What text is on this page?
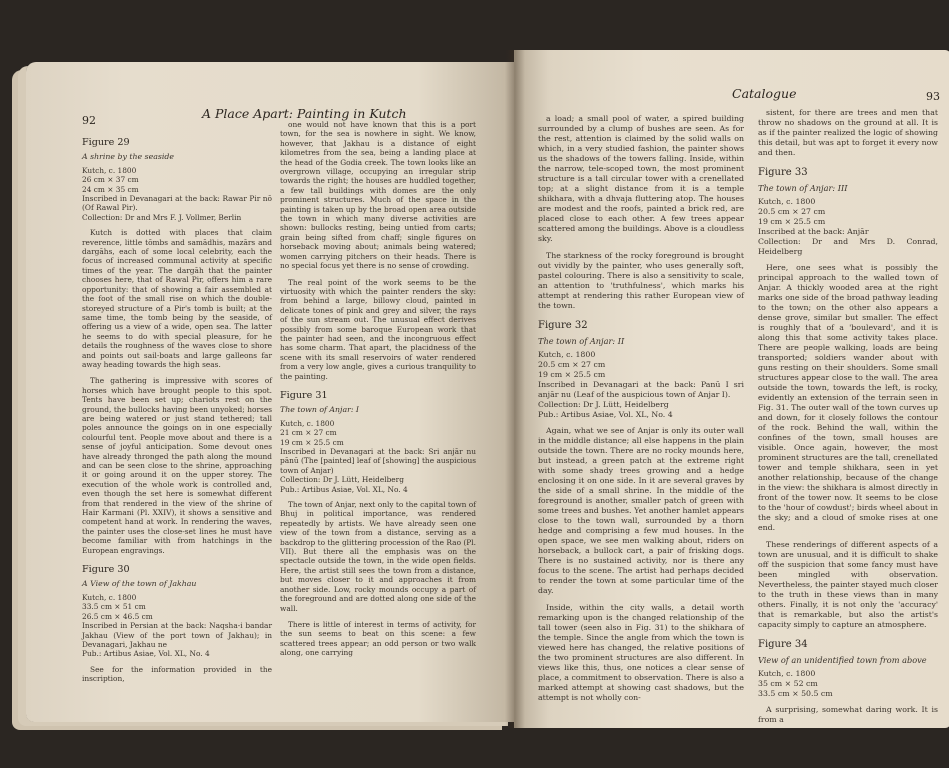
92	A Place Apart: Painting in Kutch
Figure 29
A shrine by the seaside
Kutch, c. 1800
26 cm × 37 cm
24 cm × 35 cm
Inscribed in Devanagari at the back: Rawar Pir nō (Of Rawal Pir).
Collection: Dr and Mrs F. J. Vollmer, Berlin

Kutch is dotted with places that claim reverence, little tōmbs and samādhis, mazārs and dargāhs, each of some local celebrity, each the focus of increased communal activity at specific times of the year. The dargāh that the painter chooses here, that of Rawal Pir, offers him a rare opportunity: that of showing a fair assembled at the foot of the small rise on which the double-storeyed structure of a Pir's tomb is built; at the same time, the tomb being by the seaside, of offering us a view of a wide, open sea. The latter he seems to do with special pleasure, for he details the roughness of the waves close to shore and points out sail-boats and large galleons far away heading towards the high seas.

The gathering is impressive with scores of horses which have brought people to this spot. Tents have been set up; chariots rest on the ground, the bullocks having been unyoked; horses are being watered or just stand tethered; tall poles announce the goings on in one especially colourful tent. People move about and there is a sense of joyful anticipation. Some devout ones have already thronged the path along the mound and can be seen close to the shrine, approaching it or going around it on the upper storey. The execution of the whole work is controlled and, even though the set here is somewhat different from that rendered in the view of the shrine of Hair Karmani (Pl. XXIV), it shows a sensitive and competent hand at work. In rendering the waves, the painter uses the close-set lines he must have become familiar with from hatchings in the European engravings.

Figure 30
A View of the town of Jakhau
Kutch, c. 1800
33.5 cm × 51 cm
26.5 cm × 46.5 cm
Inscribed in Persian at the back: Naqsha-i bandar Jakhau (View of the port town of Jakhau); in Devanagari, Jakhau ne
Pub.: Artibus Asiae, Vol. XL, No. 4

See for the information provided in the inscription,

one would not have known that this is a port town, for the sea is nowhere in sight. We know, however, that Jakhau is a distance of eight kilometres from the sea, being a landing place at the head of the Godia creek. The town looks like an overgrown village, occupying an irregular strip towards the right; the houses are huddled together, a few tall buildings with domes are the only prominent structures. Much of the space in the painting is taken up by the broad open area outside the town in which many diverse activities are shown: bullocks resting, being untied from carts; grain being sifted from chaff; single figures on horseback moving about; animals being watered; women carrying pitchers on their heads. There is no special focus yet there is no sense of crowding.

The real point of the work seems to be the virtuosity with which the painter renders the sky: from behind a large, billowy cloud, painted in delicate tones of pink and grey and silver, the rays of the sun stream out. The unusual effect derives possibly from some baroque European work that the painter had seen, and the incongruous effect has some charm. That apart, the placidness of the scene with its small reservoirs of water rendered from a very low angle, gives a curious tranquility to the painting.

Figure 31
The town of Anjar: I
Kutch, c. 1800
21 cm × 27 cm
19 cm × 25.5 cm
Inscribed in Devanagari at the back: Sri anjār nu pānū (The [painted] leaf of [showing] the auspicious town of Anjar)
Collection: Dr J. Lütt, Heidelberg
Pub.: Artibus Asiae, Vol. XL, No. 4

The town of Anjar, next only to the capital town of Bhuj in political importance, was rendered repeatedly by artists. We have already seen one view of the town from a distance, serving as a backdrop to the glittering procession of the Rao (Pl. VII). But there all the emphasis was on the spectacle outside the town, in the wide open fields. Here, the artist still sees the town from a distance, but moves closer to it and approaches it from another side. Low, rocky mounds occupy a part of the foreground and are dotted along one side of the wall.

There is little of interest in terms of activity, for the sun seems to beat on this scene: a few scattered trees appear; an odd person or two walk along, one carrying

Catalogue	93

a load; a small pool of water, a spired building surrounded by a clump of bushes are seen. As for the rest, attention is claimed by the solid walls on which, in a very studied fashion, the painter shows us the shadows of the towers falling. Inside, within the narrow, tele-scoped town, the most prominent structure is a tall circular tower with a crenellated top; at a slight distance from it is a temple shikhara, with a dhvaja fluttering atop. The houses are modest and the roofs, painted a brick red, are placed close to each other. A few trees appear scattered among the buildings. Above is a cloudless sky.

The starkness of the rocky foreground is brought out vividly by the painter, who uses generally soft, pastel colouring. There is also a sensitivity to scale, an attention to 'truthfulness', which marks his attempt at rendering this rather European view of the town.

Figure 32
The town of Anjar: II
Kutch, c. 1800
20.5 cm × 27 cm
19 cm × 25.5 cm
Inscribed in Devanagari at the back: Panū I sri anjār nu (Leaf of the auspicious town of Anjar I).
Collection: Dr J. Lütt, Heidelberg
Pub.: Artibus Asiae, Vol. XL, No. 4

Again, what we see of Anjar is only its outer wall in the middle distance; all else happens in the plain outside the town. There are no rocky mounds here, but instead, a green patch at the extreme right with some shady trees growing and a hedge enclosing it on one side. In it are several graves by the side of a small shrine. In the middle of the foreground is another, smaller patch of green with some trees and bushes. Yet another hamlet appears close to the town wall, surrounded by a thorn hedge and comprising a few mud houses. In the open space, we see men walking about, riders on horseback, a bullock cart, a pair of frisking dogs. There is no sustained activity, nor is there any focus to the scene. The artist had perhaps decided to render the town at some particular time of the day.

Inside, within the city walls, a detail worth remarking upon is the changed relationship of the tall tower (seen also in Fig. 31) to the shikhara of the temple. Since the angle from which the town is viewed here has changed, the relative positions of the two prominent structures are also different. In views like this, thus, one notices a clear sense of place, a commitment to observation. There is also a marked attempt at showing cast shadows, but the attempt is not wholly con-

sistent, for there are trees and men that throw no shadows on the ground at all. It is as if the painter realized the logic of showing this detail, but was apt to forget it every now and then.

Figure 33
The town of Anjar: III
Kutch, c. 1800
20.5 cm × 27 cm
19 cm × 25.5 cm
Inscribed at the back: Anjār
Collection: Dr and Mrs D. Conrad, Heidelberg

Here, one sees what is possibly the principal approach to the walled town of Anjar. A thickly wooded area at the right marks one side of the broad pathway leading to the town; on the other also appears a dense grove, similar but smaller. The effect is roughly that of a 'boulevard', and it is along this that some activity takes place. There are people walking, loads are being transported; soldiers wander about with guns resting on their shoulders. Some small structures appear close to the wall. The area outside the town, towards the left, is rocky, evidently an extension of the terrain seen in Fig. 31. The outer wall of the town curves up and down, for it closely follows the contour of the rock. Behind the wall, within the confines of the town, small houses are visible. Once again, however, the most prominent structures are the tall, crenellated tower and temple shikhara, seen in yet another relationship, because of the change in the view: the shikhara is almost directly in front of the tower now. It seems to be close to the 'hour of cowdust'; birds wheel about in the sky; and a cloud of smoke rises at one end.

These renderings of different aspects of a town are unusual, and it is difficult to shake off the suspicion that some fancy must have been mingled with observation. Nevertheless, the painter stayed much closer to the truth in these views than in many others. Finally, it is not only the 'accuracy' that is remarkable, but also the artist's capacity simply to capture an atmosphere.

Figure 34
View of an unidentified town from above
Kutch, c. 1800
35 cm × 52 cm
33.5 cm × 50.5 cm

A surprising, somewhat daring work. It is from a
